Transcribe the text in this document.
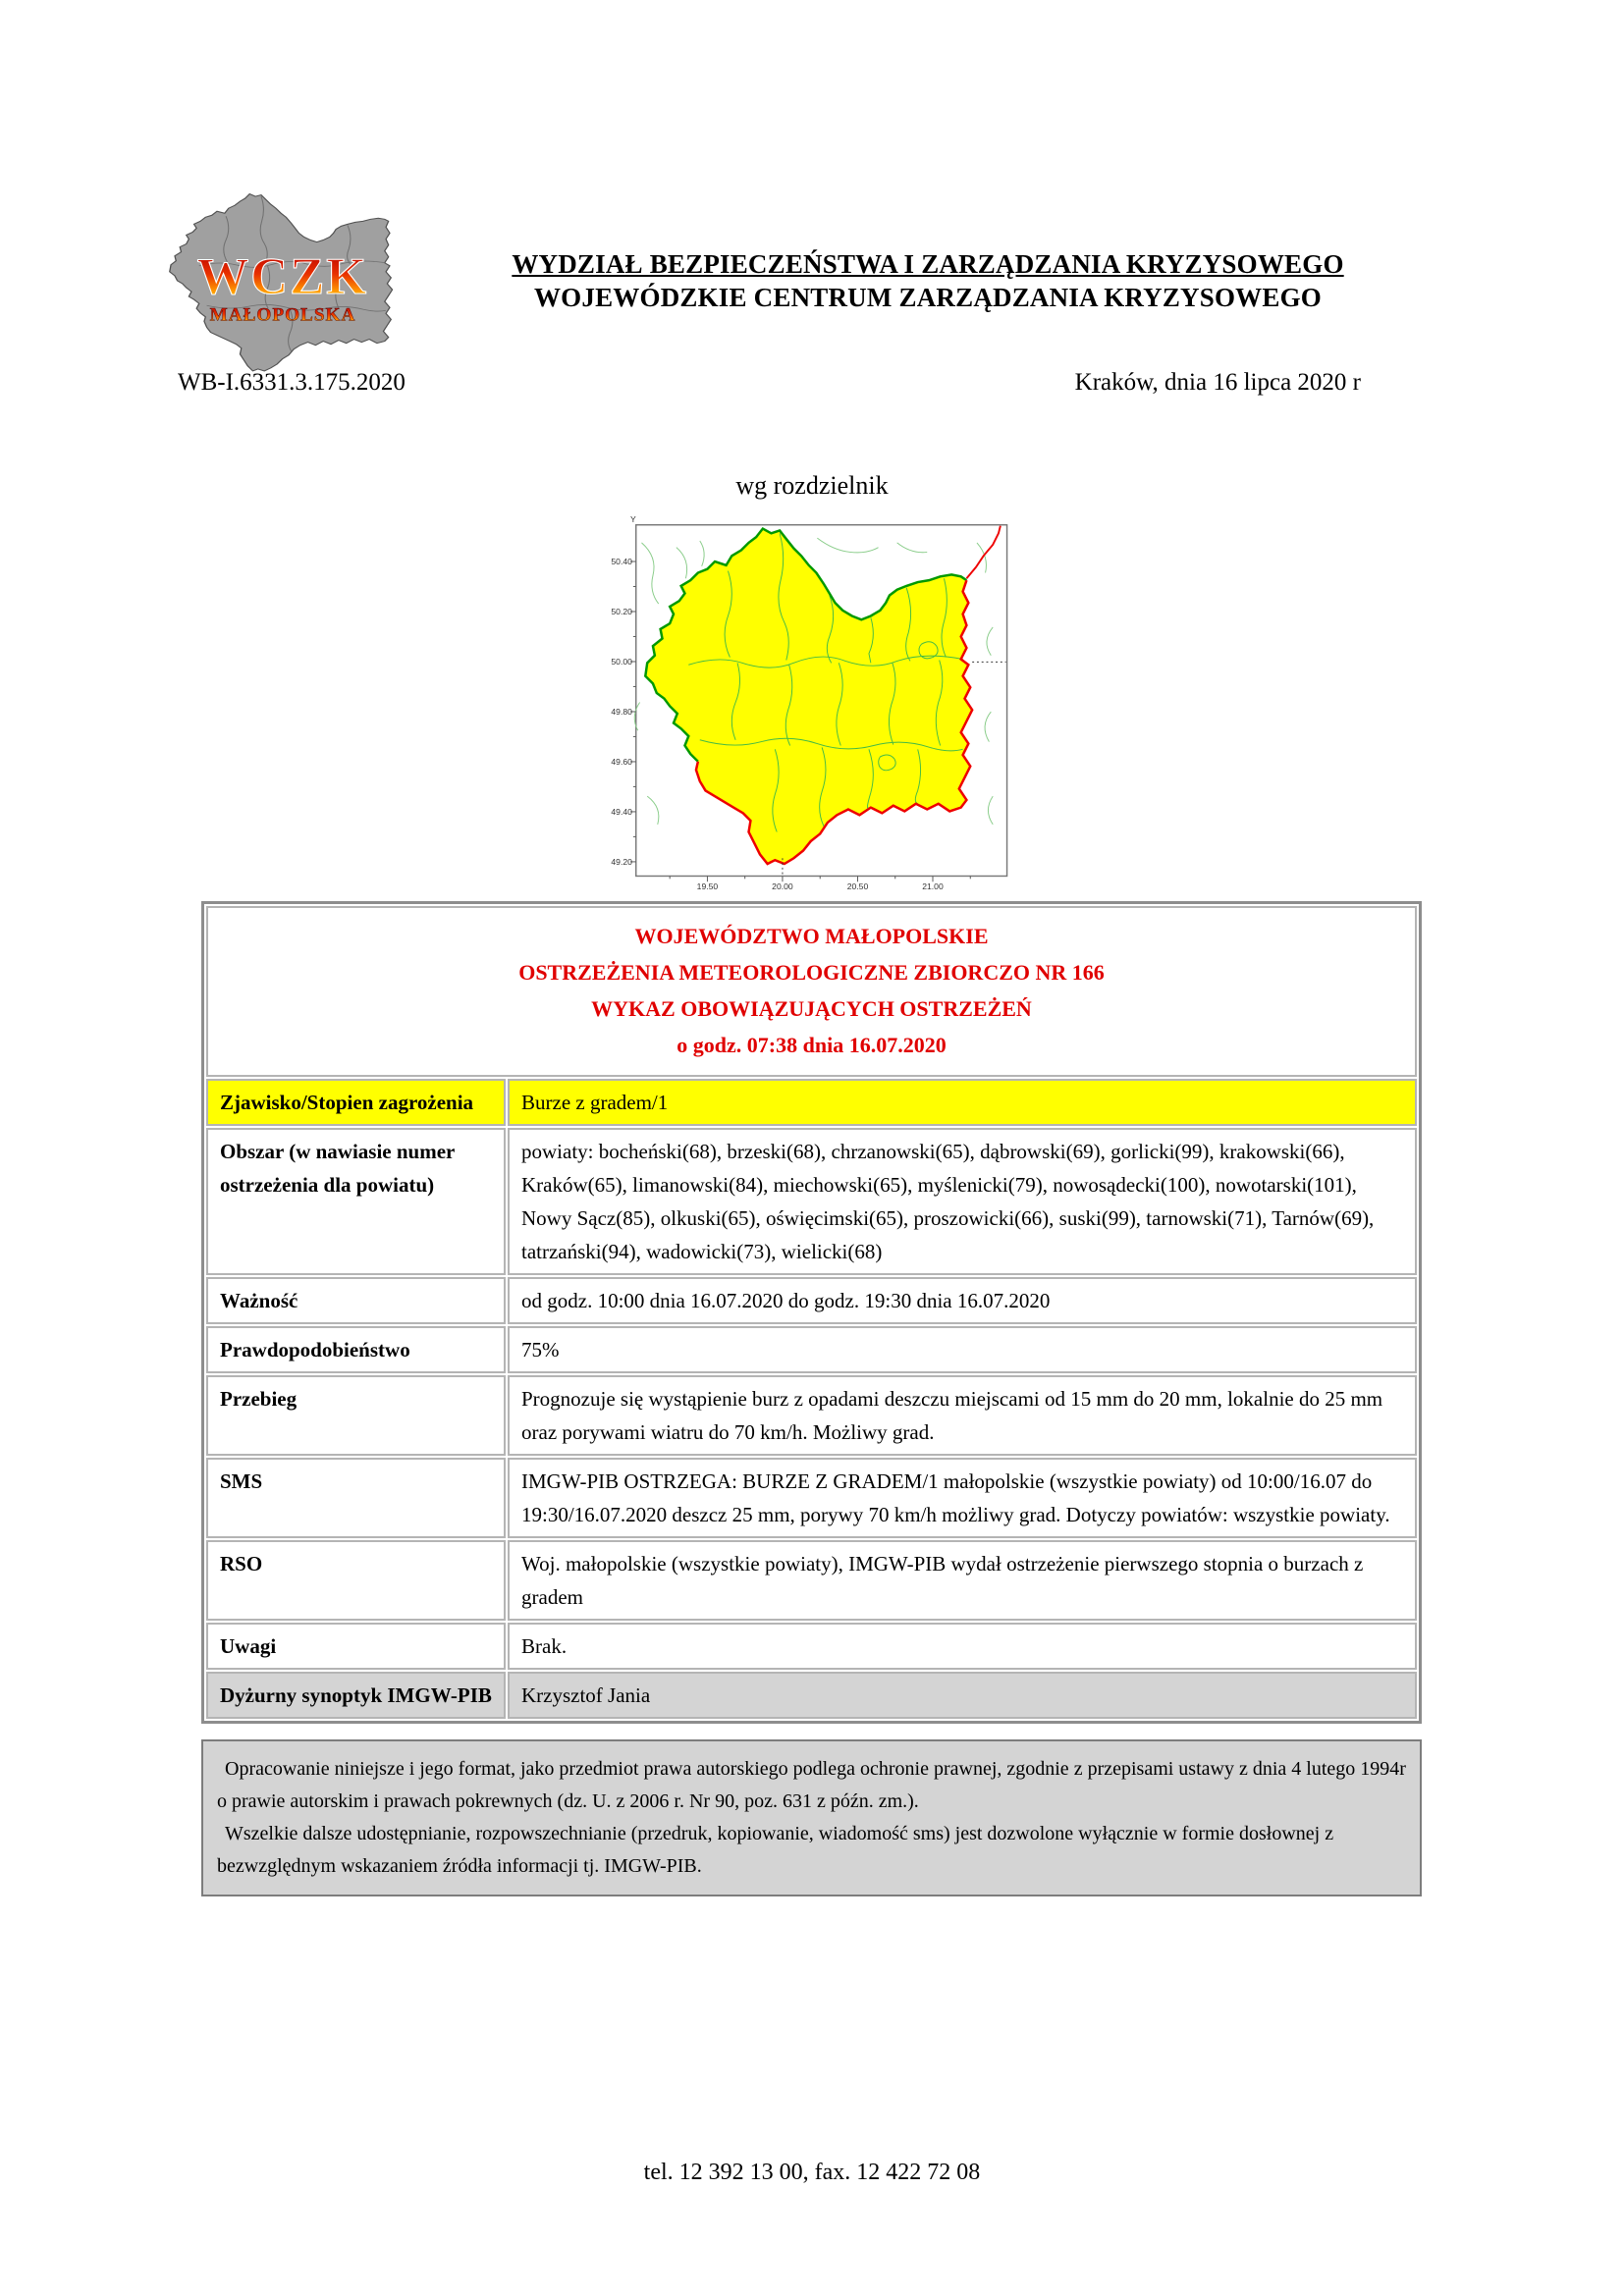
WCZK
MAŁOPOLSKA
WYDZIAŁ BEZPIECZEŃSTWA I ZARZĄDZANIA KRYZYSOWEGO
WOJEWÓDZKIE CENTRUM ZARZĄDZANIA KRYZYSOWEGO
WB-I.6331.3.175.2020	Kraków, dnia 16 lipca 2020 r
wg rozdzielnik
50.40
50.20
50.00
49.80
49.60
49.40
49.20
19.50	20.00	20.50	21.00
Y
WOJEWÓDZTWO MAŁOPOLSKIE
OSTRZEŻENIA METEOROLOGICZNE ZBIORCZO NR 166
WYKAZ OBOWIĄZUJĄCYCH OSTRZEŻEŃ
o godz. 07:38 dnia 16.07.2020	

Zjawisko/Stopien zagrożenia	Burze z gradem/1
Obszar (w nawiasie numer ostrzeżenia dla powiatu)	powiaty: bocheński(68), brzeski(68), chrzanowski(65), dąbrowski(69), gorlicki(99), krakowski(66), Kraków(65), limanowski(84), miechowski(65), myślenicki(79), nowosądecki(100), nowotarski(101), Nowy Sącz(85), olkuski(65), oświęcimski(65), proszowicki(66), suski(99), tarnowski(71), Tarnów(69), tatrzański(94), wadowicki(73), wielicki(68)
Ważność	od godz. 10:00 dnia 16.07.2020 do godz. 19:30 dnia 16.07.2020
Prawdopodobieństwo	75%
Przebieg	Prognozuje się wystąpienie burz z opadami deszczu miejscami od 15 mm do 20 mm, lokalnie do 25 mm oraz porywami wiatru do 70 km/h. Możliwy grad.
SMS	IMGW-PIB OSTRZEGA: BURZE Z GRADEM/1 małopolskie (wszystkie powiaty) od 10:00/16.07 do 19:30/16.07.2020 deszcz 25 mm, porywy 70 km/h możliwy grad. Dotyczy powiatów: wszystkie powiaty.
RSO	Woj. małopolskie (wszystkie powiaty), IMGW-PIB wydał ostrzeżenie pierwszego stopnia o burzach z gradem
Uwagi	Brak.
Dyżurny synoptyk IMGW-PIB	Krzysztof Jania

Opracowanie niniejsze i jego format, jako przedmiot prawa autorskiego podlega ochronie prawnej, zgodnie z przepisami ustawy z dnia 4 lutego 1994r o prawie autorskim i prawach pokrewnych (dz. U. z 2006 r. Nr 90, poz. 631 z późn. zm.).

Wszelkie dalsze udostępnianie, rozpowszechnianie (przedruk, kopiowanie, wiadomość sms) jest dozwolone wyłącznie w formie dosłownej z bezwzględnym wskazaniem źródła informacji tj. IMGW-PIB.

tel. 12 392 13 00, fax. 12 422 72 08
